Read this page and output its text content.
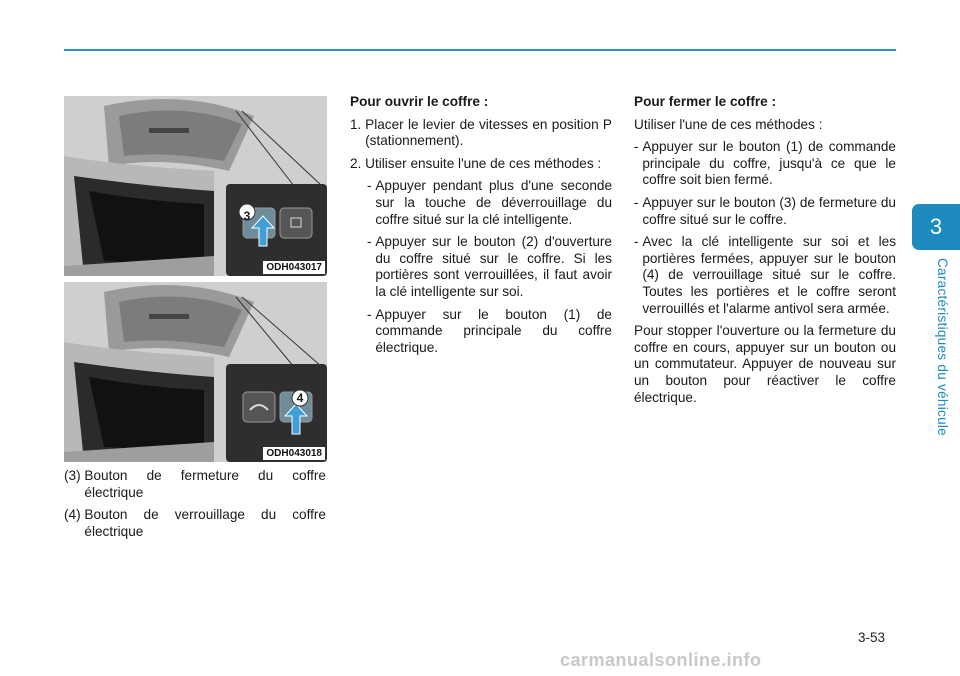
3
Caractéristiques du véhicule
3
ODH043017
4
ODH043018
(3) Bouton de fermeture du coffre électrique
(4) Bouton de verrouillage du coffre électrique

Pour ouvrir le coffre :

1. Placer le levier de vitesses en position P (stationnement).
2. Utiliser ensuite l'une de ces méthodes :
- Appuyer pendant plus d'une seconde sur la touche de déverrouillage du coffre situé sur la clé intelligente.
- Appuyer sur le bouton (2) d'ouverture du coffre situé sur le coffre. Si les portières sont verrouillées, il faut avoir la clé intelligente sur soi.
- Appuyer sur le bouton (1) de commande principale du coffre électrique.

Pour fermer le coffre :

Utiliser l'une de ces méthodes :

- Appuyer sur le bouton (1) de commande principale du coffre, jusqu'à ce que le coffre soit bien fermé.
- Appuyer sur le bouton (3) de fermeture du coffre situé sur le coffre.
- Avec la clé intelligente sur soi et les portières fermées, appuyer sur le bouton (4) de verrouillage situé sur le coffre. Toutes les portières et le coffre seront verrouillés et l'alarme antivol sera armée.

Pour stopper l'ouverture ou la fermeture du coffre en cours, appuyer sur un bouton ou un commutateur. Appuyer de nouveau sur un bouton pour réactiver le coffre électrique.

3-53
carmanualsonline.info
